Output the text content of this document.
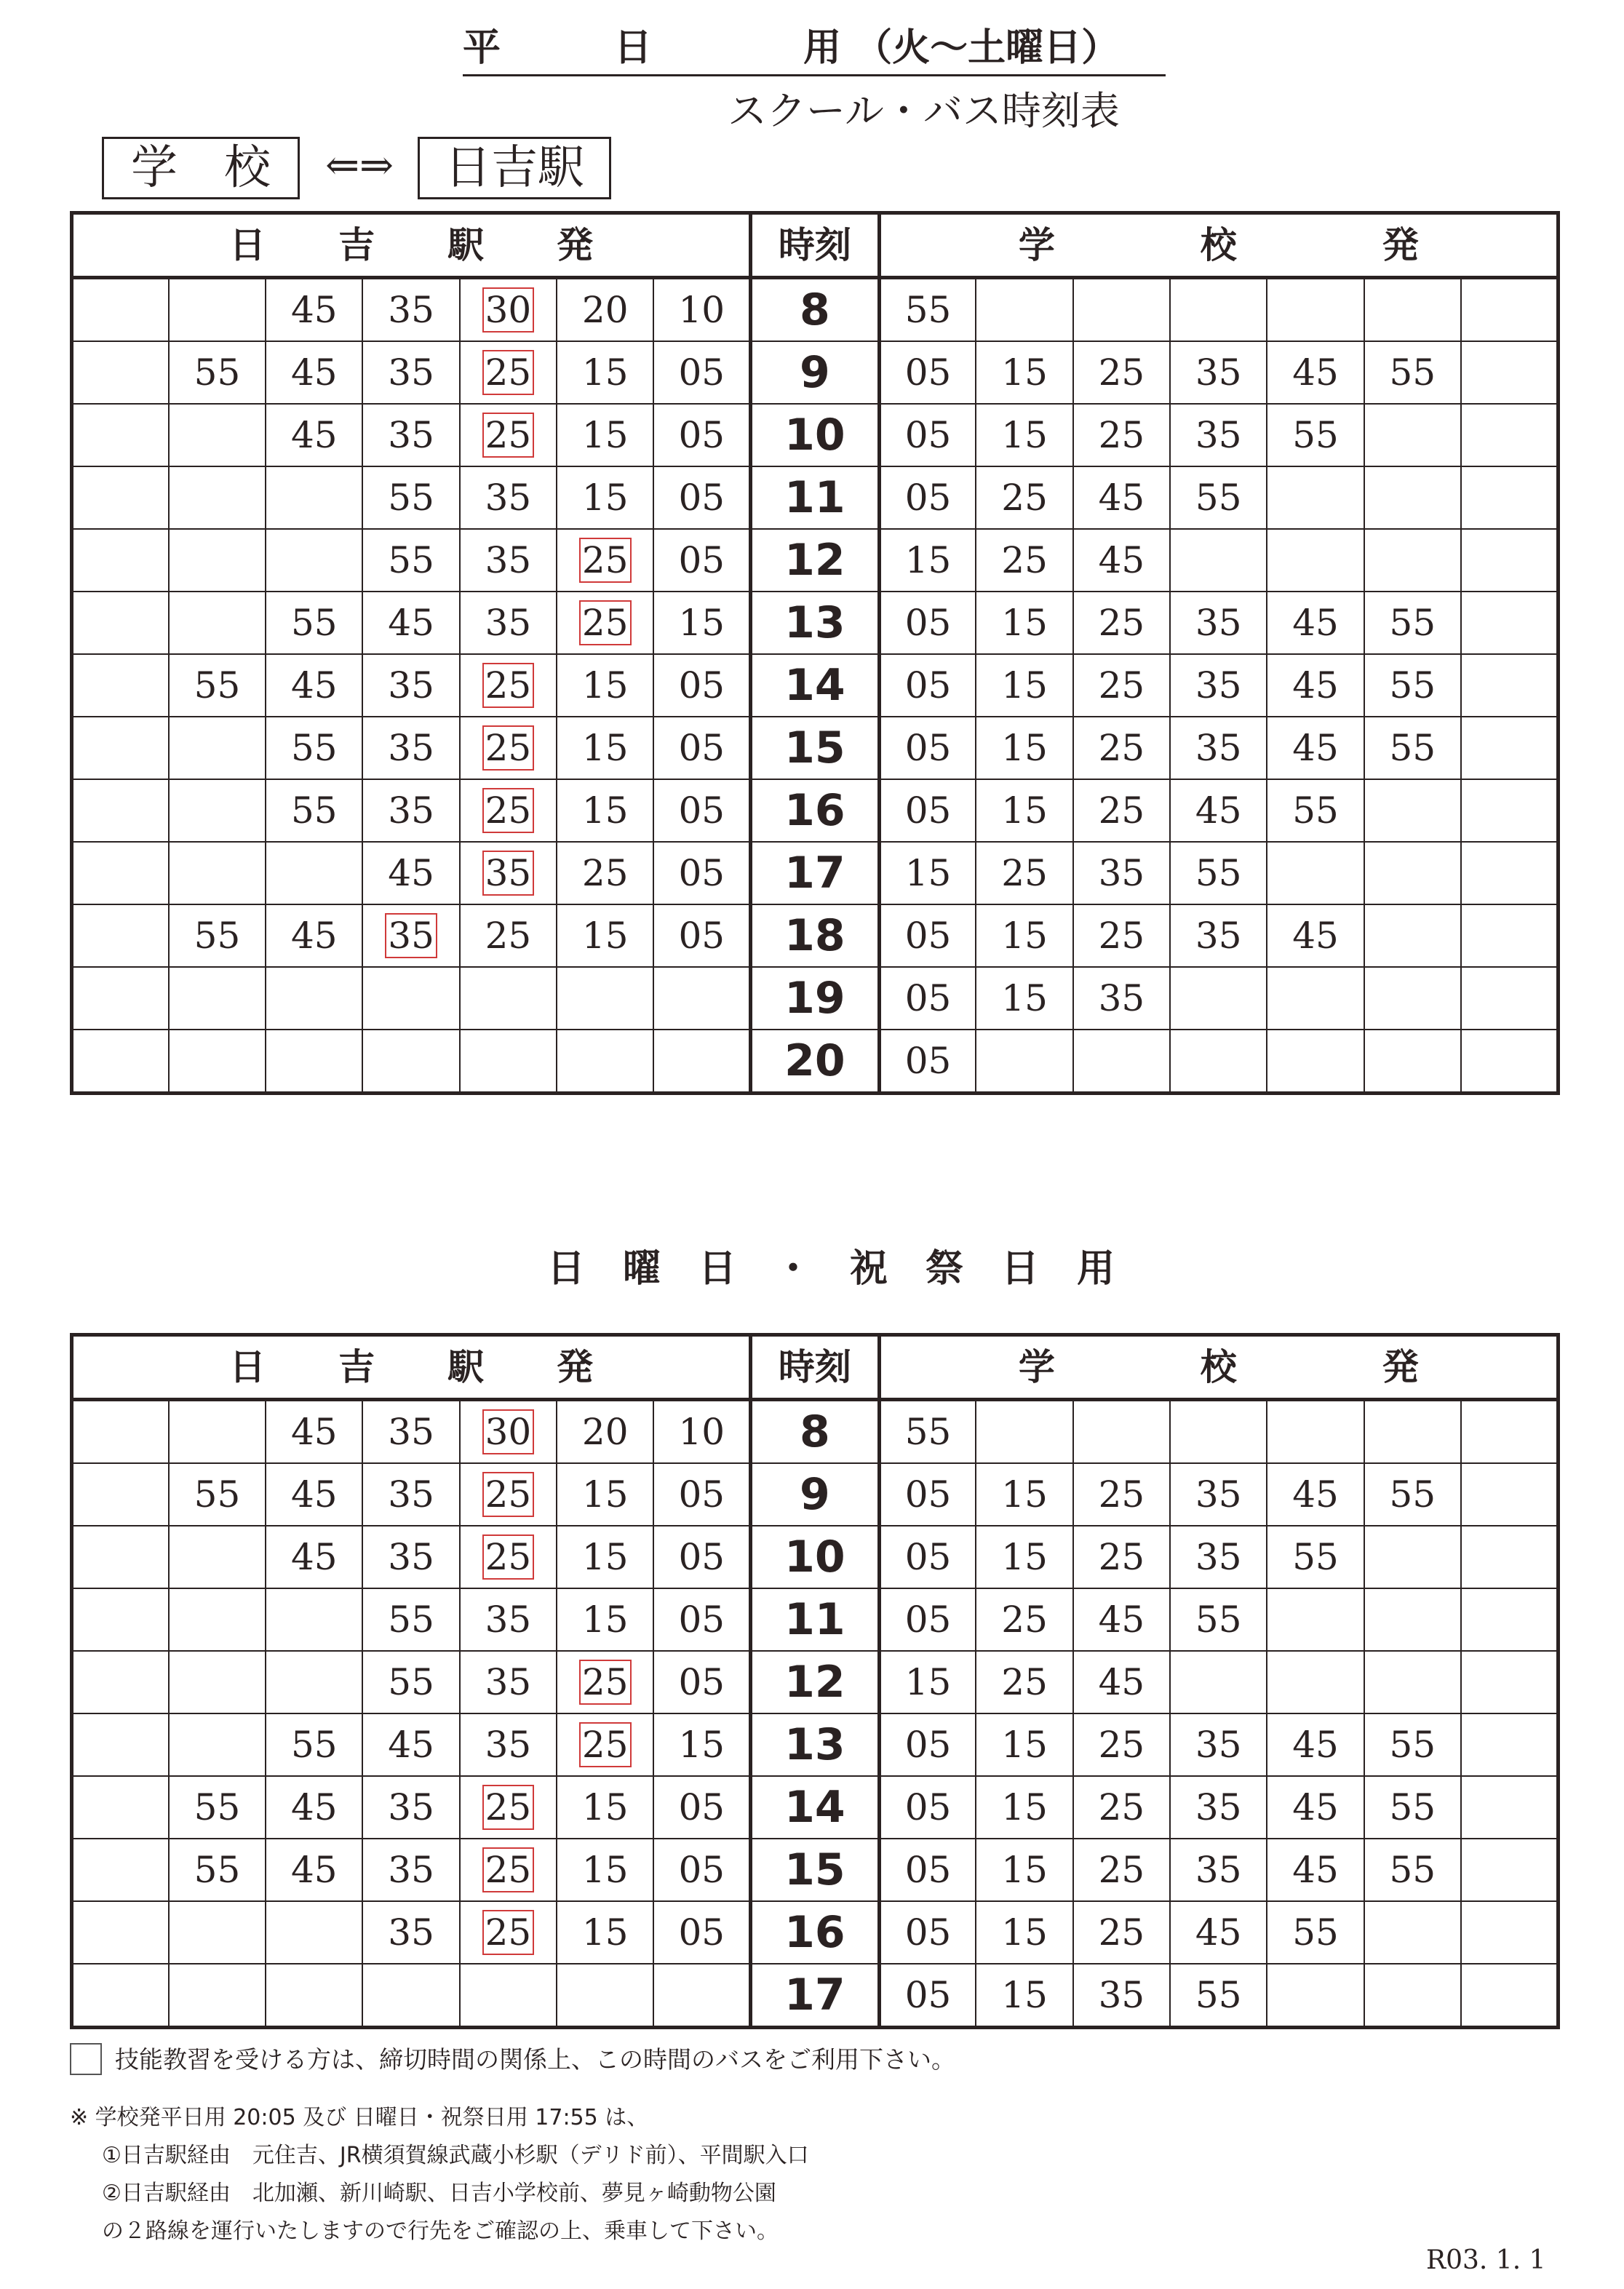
平　　　日　　　　用 （火～土曜日）
スクール・バス時刻表
学　校	⇐⇒	日吉駅
日　　吉　　駅　　発							時刻	学　　　　校　　　　発						
		45	35	30	20	10	8	55						
	55	45	35	25	15	05	9	05	15	25	35	45	55	
		45	35	25	15	05	10	05	15	25	35	55		
			55	35	15	05	11	05	25	45	55			
			55	35	25	05	12	15	25	45				
		55	45	35	25	15	13	05	15	25	35	45	55	
	55	45	35	25	15	05	14	05	15	25	35	45	55	
		55	35	25	15	05	15	05	15	25	35	45	55	
		55	35	25	15	05	16	05	15	25	45	55		
			45	35	25	05	17	15	25	35	55			
	55	45	35	25	15	05	18	05	15	25	35	45		
							19	05	15	35				
							20	05						
日　曜　日　・　祝　祭　日　用
日　　吉　　駅　　発							時刻	学　　　　校　　　　発						
		45	35	30	20	10	8	55						
	55	45	35	25	15	05	9	05	15	25	35	45	55	
		45	35	25	15	05	10	05	15	25	35	55		
			55	35	15	05	11	05	25	45	55			
			55	35	25	05	12	15	25	45				
		55	45	35	25	15	13	05	15	25	35	45	55	
	55	45	35	25	15	05	14	05	15	25	35	45	55	
	55	45	35	25	15	05	15	05	15	25	35	45	55	
			35	25	15	05	16	05	15	25	45	55		
							17	05	15	35	55			
技能教習を受ける方は、締切時間の関係上、この時間のバスをご利用下さい。
※ 学校発平日用 20:05 及び 日曜日・祝祭日用 17:55 は、
①日吉駅経由　元住吉、JR横須賀線武蔵小杉駅（デリド前）、平間駅入口
②日吉駅経由　北加瀬、新川崎駅、日吉小学校前、夢見ヶ崎動物公園
の２路線を運行いたしますので行先をご確認の上、乗車して下さい。
R03. 1. 1
